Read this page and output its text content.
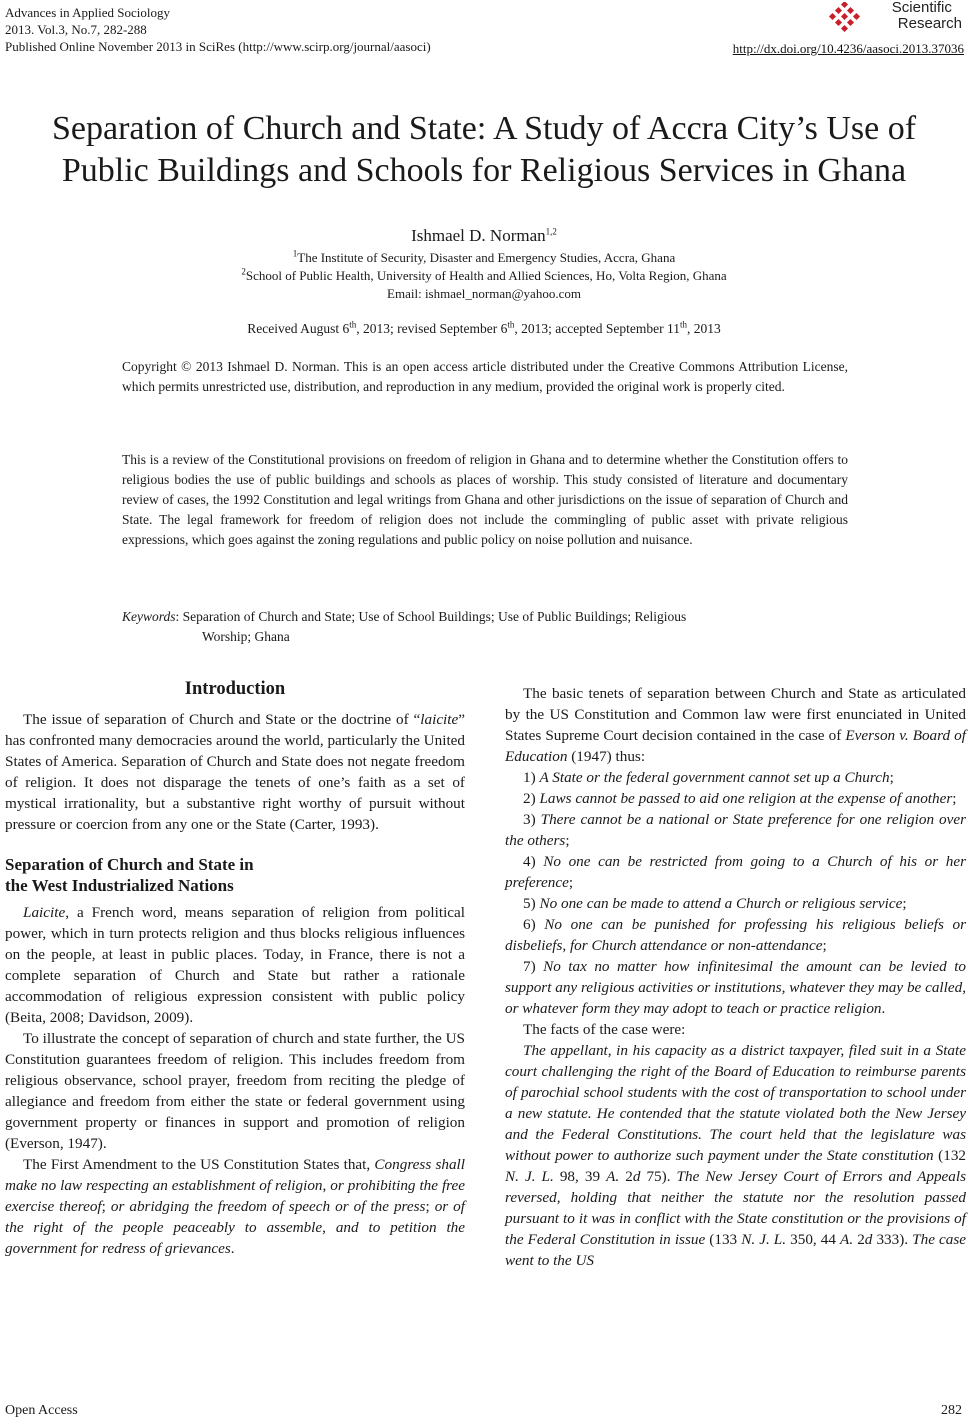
Advances in Applied Sociology
2013. Vol.3, No.7, 282-288
Published Online November 2013 in SciRes (http://www.scirp.org/journal/aasoci)
Scientific
Research
http://dx.doi.org/10.4236/aasoci.2013.37036
Separation of Church and State: A Study of Accra City’s Use of
Public Buildings and Schools for Religious Services in Ghana
Ishmael D. Norman$^{1,2}$
$^1$The Institute of Security, Disaster and Emergency Studies, Accra, Ghana
$^2$School of Public Health, University of Health and Allied Sciences, Ho, Volta Region, Ghana
Email: ishmael_norman@yahoo.com
Received August 6th, 2013; revised September 6th, 2013; accepted September 11th, 2013
Copyright © 2013 Ishmael D. Norman. This is an open access article distributed under the Creative Commons Attribution License, which permits unrestricted use, distribution, and reproduction in any medium, provided the original work is properly cited.
This is a review of the Constitutional provisions on freedom of religion in Ghana and to determine whether the Constitution offers to religious bodies the use of public buildings and schools as places of worship. This study consisted of literature and documentary review of cases, the 1992 Constitution and legal writings from Ghana and other jurisdictions on the issue of separation of Church and State. The legal framework for freedom of religion does not include the commingling of public asset with private religious expressions, which goes against the zoning regulations and public policy on noise pollution and nuisance.
Keywords: Separation of Church and State; Use of School Buildings; Use of Public Buildings; Religious
Worship; Ghana
Introduction

The issue of separation of Church and State or the doctrine of “laicite” has confronted many democracies around the world, particularly the United States of America. Separation of Church and State does not negate freedom of religion. It does not disparage the tenets of one’s faith as a set of mystical irrationality, but a substantive right worthy of pursuit without pressure or coercion from any one or the State (Carter, 1993).

Separation of Church and State in
the West Industrialized Nations

Laicite, a French word, means separation of religion from political power, which in turn protects religion and thus blocks religious influences on the people, at least in public places. Today, in France, there is not a complete separation of Church and State but rather a rationale accommodation of religious expression consistent with public policy (Beita, 2008; Davidson, 2009).

To illustrate the concept of separation of church and state further, the US Constitution guarantees freedom of religion. This includes freedom from religious observance, school prayer, freedom from reciting the pledge of allegiance and freedom from either the state or federal government using government property or finances in support and promotion of religion (Everson, 1947).

The First Amendment to the US Constitution States that, Congress shall make no law respecting an establishment of religion, or prohibiting the free exercise thereof; or abridging the freedom of speech or of the press; or of the right of the people peaceably to assemble, and to petition the government for redress of grievances.

The basic tenets of separation between Church and State as articulated by the US Constitution and Common law were first enunciated in United States Supreme Court decision contained in the case of Everson v. Board of Education (1947) thus:

1) A State or the federal government cannot set up a Church;

2) Laws cannot be passed to aid one religion at the expense of another;

3) There cannot be a national or State preference for one religion over the others;

4) No one can be restricted from going to a Church of his or her preference;

5) No one can be made to attend a Church or religious service;

6) No one can be punished for professing his religious beliefs or disbeliefs, for Church attendance or non-attendance;

7) No tax no matter how infinitesimal the amount can be levied to support any religious activities or institutions, whatever they may be called, or whatever form they may adopt to teach or practice religion.

The facts of the case were:

The appellant, in his capacity as a district taxpayer, filed suit in a State court challenging the right of the Board of Education to reimburse parents of parochial school students with the cost of transportation to school under a new statute. He contended that the statute violated both the New Jersey and the Federal Constitutions. The court held that the legislature was without power to authorize such payment under the State constitution (132 N. J. L. 98, 39 A. 2d 75). The New Jersey Court of Errors and Appeals reversed, holding that neither the statute nor the resolution passed pursuant to it was in conflict with the State constitution or the provisions of the Federal Constitution in issue (133 N. J. L. 350, 44 A. 2d 333). The case went to the US

Open Access	282
